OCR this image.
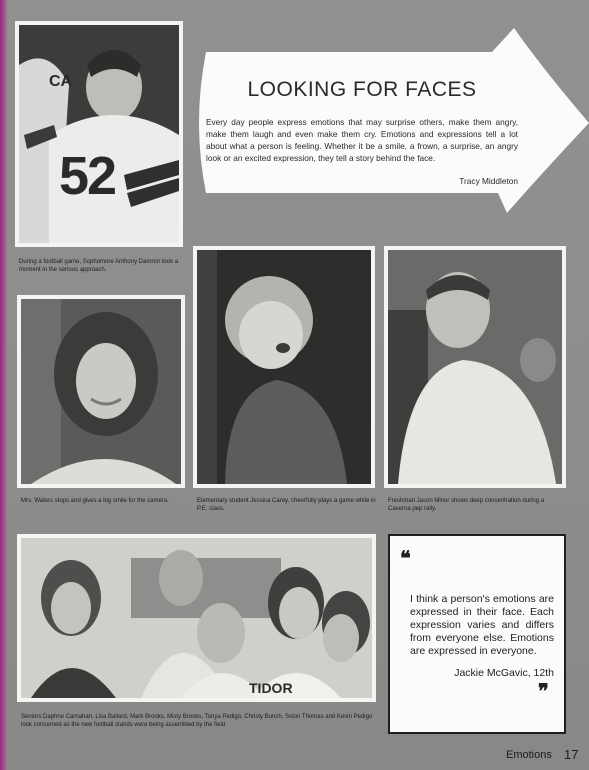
52
CA
During a football game, Sophomore Anthony Damron took a moment in the serious approach.
LOOKING FOR FACES
Every day people express emotions that may surprise others, make them angry, make them laugh and even make them cry. Emotions and expressions tell a lot about what a person is feeling. Whether it be a smile, a frown, a surprise, an angry look or an excited expression, they tell a story behind the face.
Tracy Middleton
Mrs. Waters stops and gives a big smile for the camera.	Elementary student Jessica Carey, cheerfully plays a game while in P.E. class.
Freshman Jason Minor shows deep concentration during a Caverna pep rally.
TIDOR
Seniors Daphne Carnahan, Lisa Ballard, Mark Brooks, Misty Brooks, Tonya Pedigo, Christy Bunch, Solon Thomas and Kevin Pedigo look concerned as the new football stands were being assembled by the field.
❝
I think a person's emotions are expressed in their face. Each expression varies and differs from everyone else. Emotions are expressed in everyone.
Jackie McGavic, 12th
❞
Emotions 17
